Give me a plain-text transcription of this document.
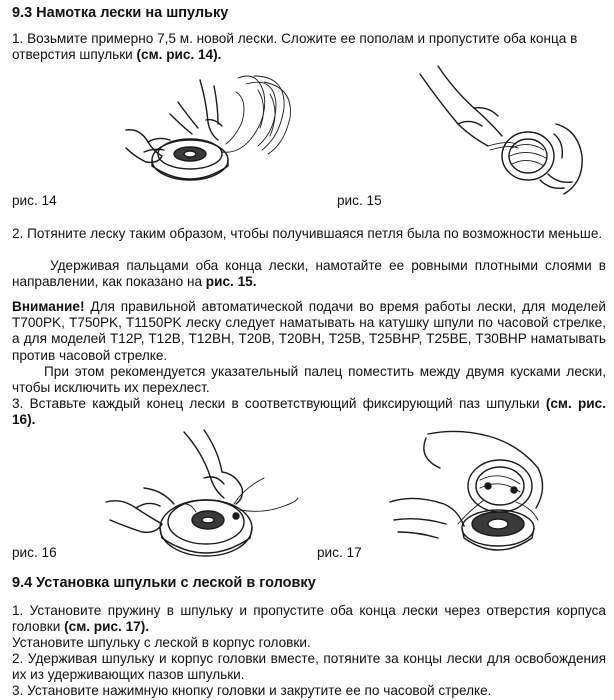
9.3 Намотка лески на шпульку
1. Возьмите примерно 7,5 м. новой лески. Сложите ее пополам и пропустите оба конца в отверстия шпульки (см. рис. 14).
рис. 14	рис. 15
2. Потяните леску таким образом, чтобы получившаяся петля была по возможности меньше.
Удерживая пальцами оба конца лески, намотайте ее ровными плотными слоями в направлении, как показано на рис. 15.
Внимание! Для правильной автоматической подачи во время работы лески, для моделей T700PK, T750PK, T1150PK леску следует наматывать на катушку шпули по часовой стрелке, а для моделей T12P, T12B, T12BH, T20B, T20BH, T25B, T25BHP, T25BE, T30BHP наматывать против часовой стрелке.
При этом рекомендуется указательный палец поместить между двумя кусками лески, чтобы исключить их перехлест.
3. Вставьте каждый конец лески в соответствующий фиксирующий паз шпульки (см. рис. 16).
рис. 16	рис. 17
9.4 Установка шпульки с леской в головку
1. Установите пружину в шпульку и пропустите оба конца лески через отверстия корпуса головки (см. рис. 17).
Установите шпульку с леской в корпус головки.
2. Удерживая шпульку и корпус головки вместе, потяните за концы лески для освобождения их из удерживающих пазов шпульки.
3. Установите нажимную кнопку головки и закрутите ее по часовой стрелке.
